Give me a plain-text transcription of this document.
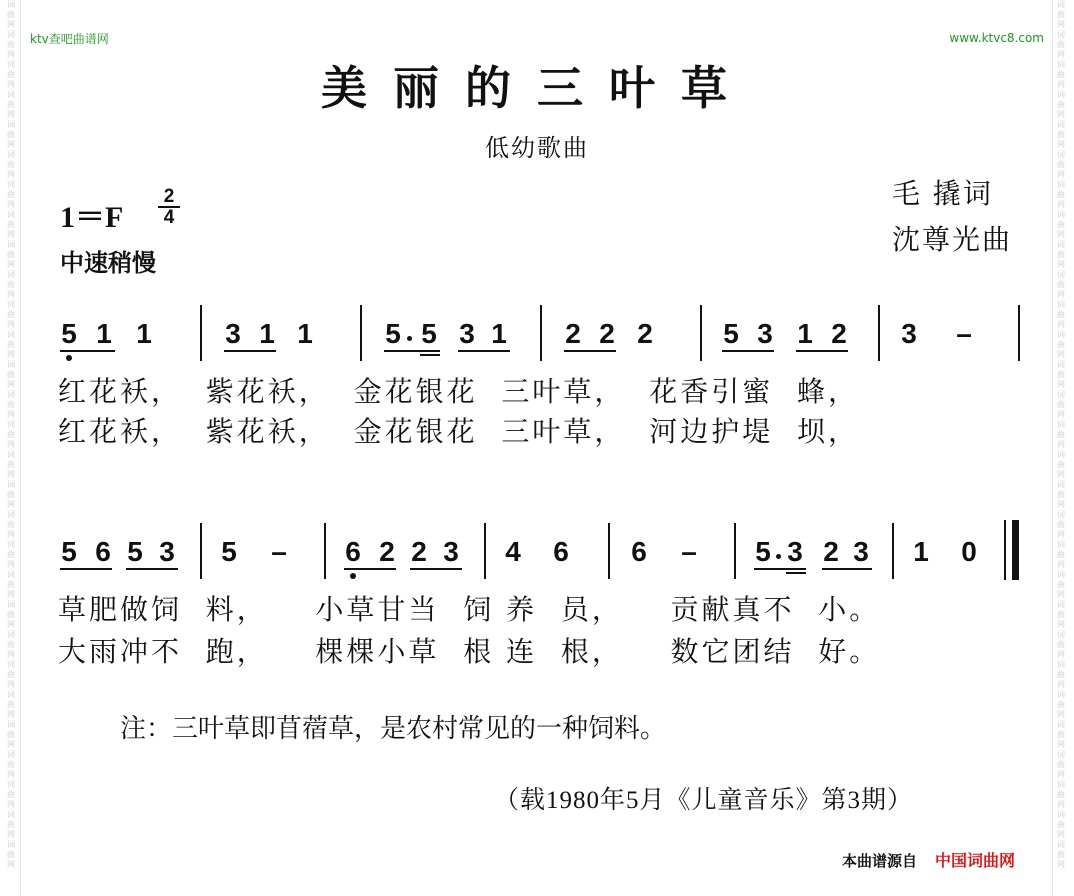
词曲网词曲网词曲网词曲网词曲网词曲网词曲网词曲网词曲网词曲网词曲网词曲网词曲网词曲网词曲网词曲网词曲网词曲网词曲网词曲网词曲网词曲网词曲网词曲网词曲网词曲网词曲网词曲网词曲网
词曲网词曲网词曲网词曲网词曲网词曲网词曲网词曲网词曲网词曲网词曲网词曲网词曲网词曲网词曲网词曲网词曲网词曲网词曲网词曲网词曲网词曲网词曲网词曲网词曲网词曲网词曲网词曲网词曲网
ktv查吧曲谱网	www.ktvc8.com
美丽的三叶草
低幼歌曲
$1=F \frac{2}{4}$
中速稍慢
毛 撬词
沈尊光曲
5 1 1	3 1 1	5 5 3 1 2 2 2	5 3 1 2 3 –
红花袄，  紫花袄，  金花银花  三叶草，  花香引蜜  蜂，
红花袄，  紫花袄，  金花银花  三叶草，  河边护堤  坝，
5 6 5 3 5 – 6 2 2 3 4 6 6 – 5 3 2 3 1 0
草肥做饲  料，    小草甘当  饲 养  员，    贡献真不  小。
大雨冲不  跑，    棵棵小草  根 连  根，    数它团结  好。
注：三叶草即苜蓿草，是农村常见的一种饲料。
（载1980年5月《儿童音乐》第3期）
本曲谱源自 中国词曲网
